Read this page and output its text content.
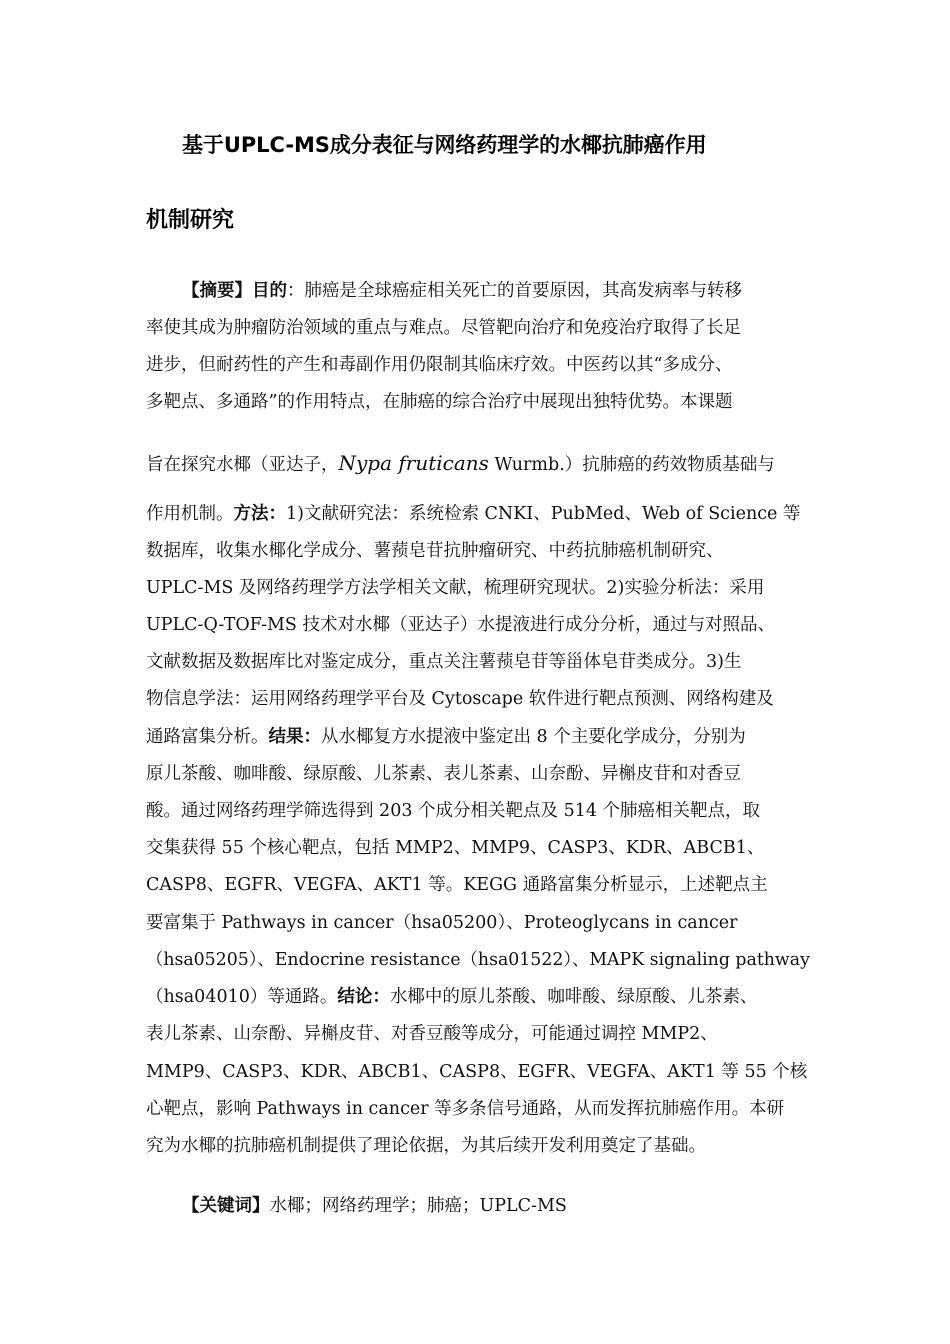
基于UPLC-MS成分表征与网络药理学的水椰抗肺癌作用
机制研究
【摘要】目的：肺癌是全球癌症相关死亡的首要原因，其高发病率与转移
率使其成为肿瘤防治领域的重点与难点。尽管靶向治疗和免疫治疗取得了长足
进步，但耐药性的产生和毒副作用仍限制其临床疗效。中医药以其“多成分、
多靶点、多通路”的作用特点，在肺癌的综合治疗中展现出独特优势。本课题
旨在探究水椰（亚达子，Nypa fruticans Wurmb.）抗肺癌的药效物质基础与
作用机制。方法：1)文献研究法：系统检索 CNKI、PubMed、Web of Science 等
数据库，收集水椰化学成分、薯蓣皂苷抗肿瘤研究、中药抗肺癌机制研究、
UPLC-MS 及网络药理学方法学相关文献，梳理研究现状。2)实验分析法：采用
UPLC-Q-TOF-MS 技术对水椰（亚达子）水提液进行成分分析，通过与对照品、
文献数据及数据库比对鉴定成分，重点关注薯蓣皂苷等甾体皂苷类成分。3)生
物信息学法：运用网络药理学平台及 Cytoscape 软件进行靶点预测、网络构建及
通路富集分析。结果：从水椰复方水提液中鉴定出 8 个主要化学成分，分别为
原儿茶酸、咖啡酸、绿原酸、儿茶素、表儿茶素、山奈酚、异槲皮苷和对香豆
酸。通过网络药理学筛选得到 203 个成分相关靶点及 514 个肺癌相关靶点，取
交集获得 55 个核心靶点，包括 MMP2、MMP9、CASP3、KDR、ABCB1、
CASP8、EGFR、VEGFA、AKT1 等。KEGG 通路富集分析显示，上述靶点主
要富集于 Pathways in cancer（hsa05200）、Proteoglycans in cancer
（hsa05205）、Endocrine resistance（hsa01522）、MAPK signaling pathway
（hsa04010）等通路。结论：水椰中的原儿茶酸、咖啡酸、绿原酸、儿茶素、
表儿茶素、山奈酚、异槲皮苷、对香豆酸等成分，可能通过调控 MMP2、
MMP9、CASP3、KDR、ABCB1、CASP8、EGFR、VEGFA、AKT1 等 55 个核
心靶点，影响 Pathways in cancer 等多条信号通路，从而发挥抗肺癌作用。本研
究为水椰的抗肺癌机制提供了理论依据，为其后续开发利用奠定了基础。
【关键词】水椰；网络药理学；肺癌；UPLC-MS
